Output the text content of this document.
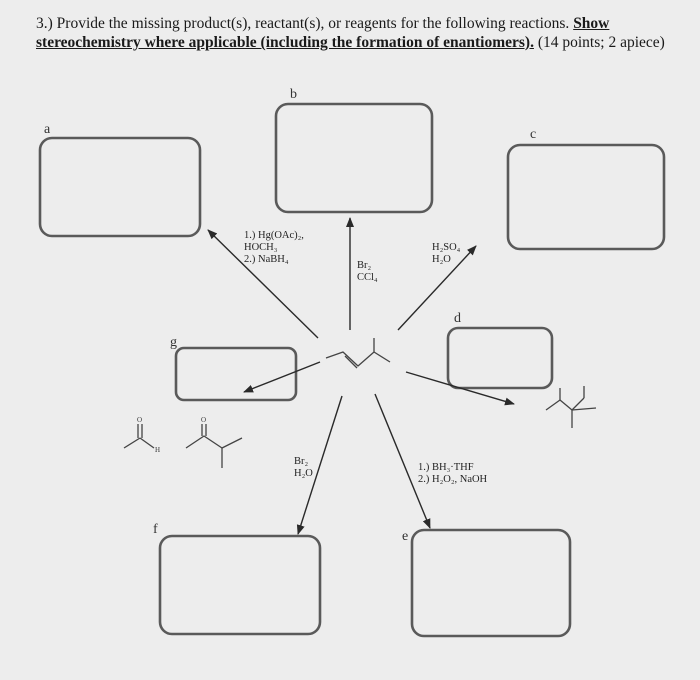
3.) Provide the missing product(s), reactant(s), or reagents for the following reactions. Show stereochemistry where applicable (including the formation of enantiomers). (14 points; 2 apiece)
a
b
c
d
g
f	e
1.) Hg(OAc)₂,
HOCH₃
2.) NaBH₄
Br₂
CCl₄
H₂SO₄
H₂O
Br₂
H₂O
1.) BH₃·THF
2.) H₂O₂, NaOH
O
H
O
